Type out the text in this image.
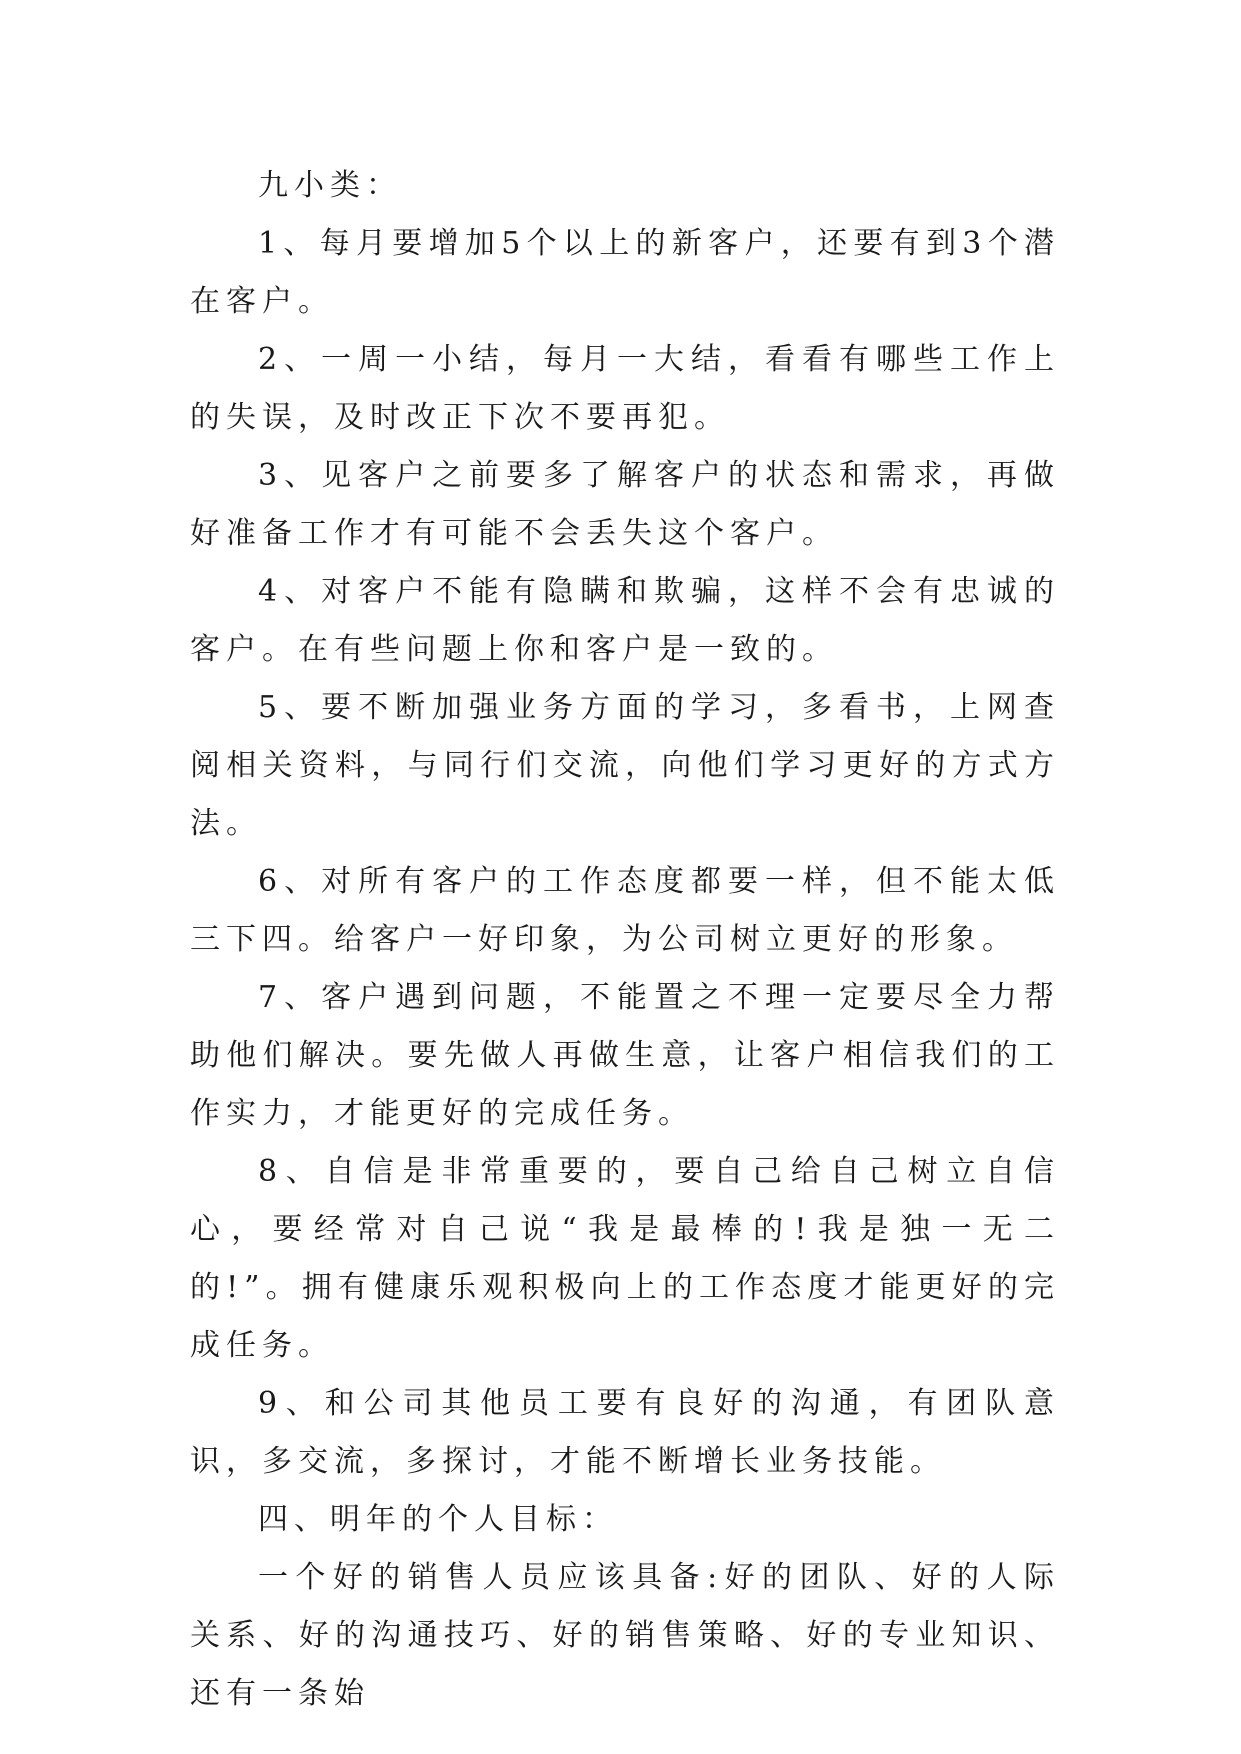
九小类：

1、每月要增加5个以上的新客户，还要有到3个潜在客户。

2、一周一小结，每月一大结，看看有哪些工作上的失误，及时改正下次不要再犯。

3、见客户之前要多了解客户的状态和需求，再做好准备工作才有可能不会丢失这个客户。

4、对客户不能有隐瞒和欺骗，这样不会有忠诚的客户。在有些问题上你和客户是一致的。

5、要不断加强业务方面的学习，多看书，上网查阅相关资料，与同行们交流，向他们学习更好的方式方法。

6、对所有客户的工作态度都要一样，但不能太低三下四。给客户一好印象，为公司树立更好的形象。

7、客户遇到问题，不能置之不理一定要尽全力帮助他们解决。要先做人再做生意，让客户相信我们的工作实力，才能更好的完成任务。

8、自信是非常重要的，要自己给自己树立自信心，要经常对自己说“我是最棒的!我是独一无二的!”。拥有健康乐观积极向上的工作态度才能更好的完成任务。

9、和公司其他员工要有良好的沟通，有团队意识，多交流，多探讨，才能不断增长业务技能。

四、明年的个人目标：

一个好的销售人员应该具备:好的团队、好的人际关系、好的沟通技巧、好的销售策略、好的专业知识、还有一条始
